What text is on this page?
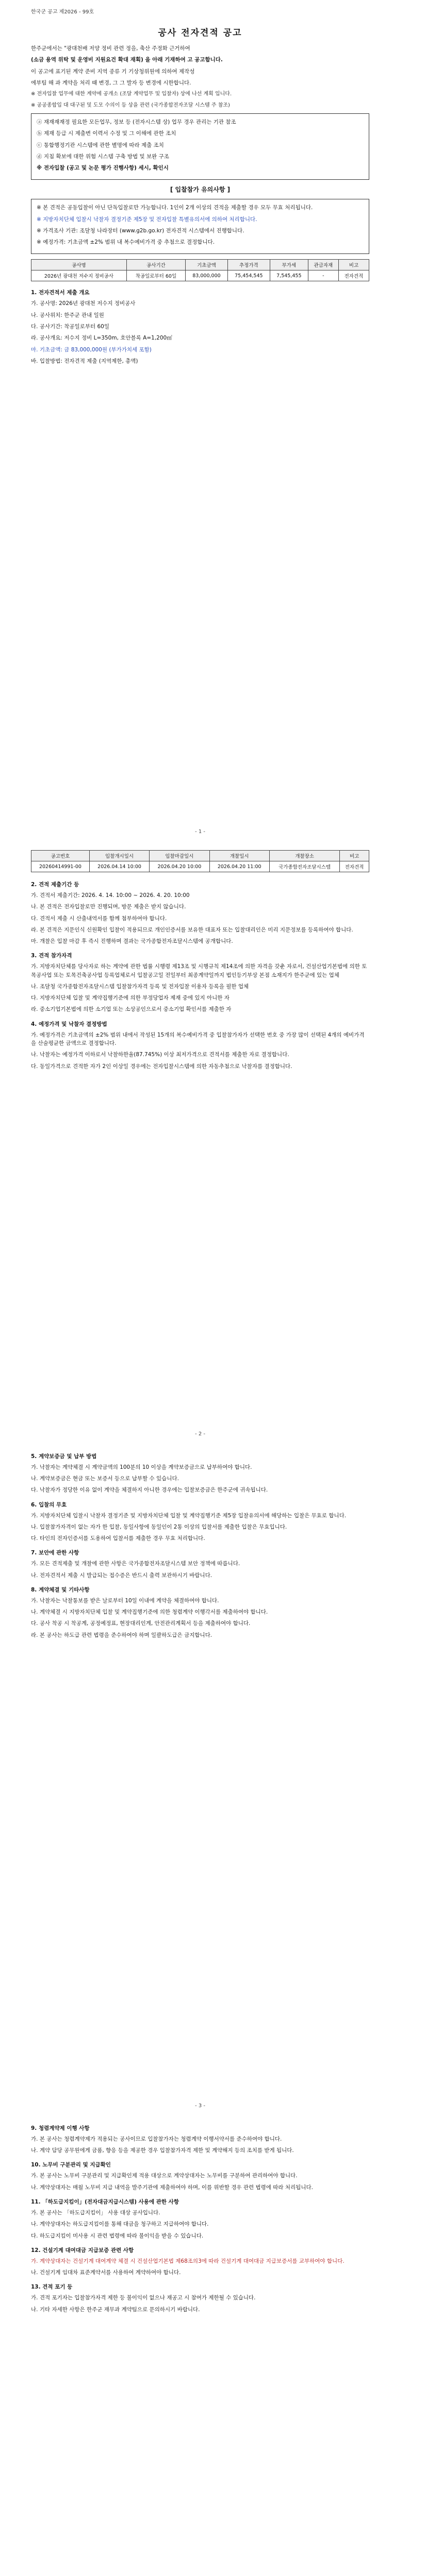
한국군 공고 제2026 - 99호
공사 전자견적 공고

한주군에서는 "광대천배 저양 정비 관련 정을, 축산 주정화 근거하여

(소금 용역 위탁 및 운영비 지원요건 확대 재획) 을 아래 기재하여 고 공고합니다.

이 공고에 표기된 계약 준비 지역 종류 기 기상청위원에 의하여 제작성

에부팀 해 과 계약을 처리 때 변경, 그 그 발자 등 변경에 시한합니다.

※ 전자입찰 업무에 대한 계약에 공개소 (조달 계약업무 및 입찰자) 상에 나선 계획 입니다.

※ 공공종합입 대 대구된 및 도모 수의이 등 상을 관련 (국가종합전자조달 시스템 주 참조)

ⓐ 재재재재정 필요한 모든업무, 정보 등 (전자시스템 상) 업무 경우 관리는 기관 참조

ⓑ 제재 등급 시 제출변 이력서 수정 및 그 이해에 관한 조치

ⓒ 통합행정기관 시스템에 관한 별명에 따라 제출 조치

ⓓ 지침 확보에 대한 위험 시스템 구축 방법 및 보완 구조

※ 전자입찰 (공고 및 논문 평가 진행사항) 세시, 확인시

[ 입찰참가 유의사항 ]

※ 본 견적은 공동입찰이 아닌 단독입찰로만 가능합니다. 1인이 2개 이상의 견적을 제출할 경우 모두 무효 처리됩니다.

※ 지방자치단체 입찰시 낙찰자 결정기준 제5장 및 전자입찰 특별유의서에 의하여 처리합니다.

※ 가격조사 기관: 조달청 나라장터 (www.g2b.go.kr) 전자견적 시스템에서 진행합니다.

※ 예정가격: 기초금액 ±2% 범위 내 복수예비가격 중 추첨으로 결정합니다.

공사명	공사기간	기초금액	추정가격	부가세	관급자재	비고
2026년 광대천 저수지 정비공사	착공일로부터 60일	83,000,000	75,454,545	7,545,455	-	전자견적
1. 전자견적서 제출 개요

가. 공사명: 2026년 광대천 저수지 정비공사

나. 공사위치: 한주군 관내 일원

다. 공사기간: 착공일로부터 60일

라. 공사개요: 저수지 정비 L=350m, 호안블록 A=1,200㎡

마. 기초금액: 금 83,000,000원 (부가가치세 포함)

바. 입찰방법: 전자견적 제출 (지역제한, 총액)

- 1 -
공고번호	입찰개시일시	입찰마감일시	개찰일시	개찰장소	비고
20260414991-00	2026.04.14 10:00	2026.04.20 10:00	2026.04.20 11:00	국가종합전자조달시스템	전자견적
2. 견적 제출기간 등

가. 견적서 제출기간: 2026. 4. 14. 10:00 ~ 2026. 4. 20. 10:00

나. 본 견적은 전자입찰로만 진행되며, 방문 제출은 받지 않습니다.

다. 견적서 제출 시 산출내역서를 함께 첨부하여야 합니다.

라. 본 견적은 지문인식 신원확인 입찰이 적용되므로 개인인증서를 보유한 대표자 또는 입찰대리인은 미리 지문정보를 등록하여야 합니다.

마. 개찰은 입찰 마감 후 즉시 진행하며 결과는 국가종합전자조달시스템에 공개합니다.

3. 견적 참가자격

가. 지방자치단체를 당사자로 하는 계약에 관한 법률 시행령 제13조 및 시행규칙 제14조에 의한 자격을 갖춘 자로서, 건설산업기본법에 의한 토목공사업 또는 토목건축공사업 등록업체로서 입찰공고일 전일부터 최종계약일까지 법인등기부상 본점 소재지가 한주군에 있는 업체

나. 조달청 국가종합전자조달시스템 입찰참가자격 등록 및 전자입찰 이용자 등록을 필한 업체

다. 지방자치단체 입찰 및 계약집행기준에 의한 부정당업자 제재 중에 있지 아니한 자

라. 중소기업기본법에 의한 소기업 또는 소상공인으로서 중소기업 확인서를 제출한 자

4. 예정가격 및 낙찰자 결정방법

가. 예정가격은 기초금액의 ±2% 범위 내에서 작성된 15개의 복수예비가격 중 입찰참가자가 선택한 번호 중 가장 많이 선택된 4개의 예비가격을 산술평균한 금액으로 결정합니다.

나. 낙찰자는 예정가격 이하로서 낙찰하한율(87.745%) 이상 최저가격으로 견적서를 제출한 자로 결정합니다.

다. 동일가격으로 견적한 자가 2인 이상일 경우에는 전자입찰시스템에 의한 자동추첨으로 낙찰자를 결정합니다.

- 2 -
5. 계약보증금 및 납부 방법

가. 낙찰자는 계약체결 시 계약금액의 100분의 10 이상을 계약보증금으로 납부하여야 합니다.

나. 계약보증금은 현금 또는 보증서 등으로 납부할 수 있습니다.

다. 낙찰자가 정당한 이유 없이 계약을 체결하지 아니한 경우에는 입찰보증금은 한주군에 귀속됩니다.

6. 입찰의 무효

가. 지방자치단체 입찰시 낙찰자 결정기준 및 지방자치단체 입찰 및 계약집행기준 제5장 입찰유의서에 해당하는 입찰은 무효로 합니다.

나. 입찰참가자격이 없는 자가 한 입찰, 동일사항에 동일인이 2통 이상의 입찰서를 제출한 입찰은 무효입니다.

다. 타인의 전자인증서를 도용하여 입찰서를 제출한 경우 무효 처리합니다.

7. 보안에 관한 사항

가. 모든 견적제출 및 개찰에 관한 사항은 국가종합전자조달시스템 보안 정책에 따릅니다.

나. 전자견적서 제출 시 발급되는 접수증은 반드시 출력 보관하시기 바랍니다.

8. 계약체결 및 기타사항

가. 낙찰자는 낙찰통보를 받은 날로부터 10일 이내에 계약을 체결하여야 합니다.

나. 계약체결 시 지방자치단체 입찰 및 계약집행기준에 의한 청렴계약 이행각서를 제출하여야 합니다.

다. 공사 착공 시 착공계, 공정예정표, 현장대리인계, 안전관리계획서 등을 제출하여야 합니다.

라. 본 공사는 하도급 관련 법령을 준수하여야 하며 일괄하도급은 금지합니다.

- 3 -
9. 청렴계약제 이행 사항

가. 본 공사는 청렴계약제가 적용되는 공사이므로 입찰참가자는 청렴계약 이행서약서를 준수하여야 합니다.

나. 계약 담당 공무원에게 금품, 향응 등을 제공한 경우 입찰참가자격 제한 및 계약해지 등의 조치를 받게 됩니다.

10. 노무비 구분관리 및 지급확인

가. 본 공사는 노무비 구분관리 및 지급확인제 적용 대상으로 계약상대자는 노무비를 구분하여 관리하여야 합니다.

나. 계약상대자는 매월 노무비 지급 내역을 발주기관에 제출하여야 하며, 이를 위반할 경우 관련 법령에 따라 처리됩니다.

11. 「하도급지킴이」(전자대금지급시스템) 사용에 관한 사항

가. 본 공사는 「하도급지킴이」 사용 대상 공사입니다.

나. 계약상대자는 하도급지킴이를 통해 대금을 청구하고 지급하여야 합니다.

다. 하도급지킴이 미사용 시 관련 법령에 따라 불이익을 받을 수 있습니다.

12. 건설기계 대여대금 지급보증 관련 사항

가. 계약상대자는 건설기계 대여계약 체결 시 건설산업기본법 제68조의3에 따라 건설기계 대여대금 지급보증서를 교부하여야 합니다.

나. 건설기계 임대차 표준계약서를 사용하여 계약하여야 합니다.

13. 견적 포기 등

가. 견적 포기자는 입찰참가자격 제한 등 불이익이 없으나 재공고 시 참여가 제한될 수 있습니다.

나. 기타 자세한 사항은 한주군 재무과 계약팀으로 문의하시기 바랍니다.
